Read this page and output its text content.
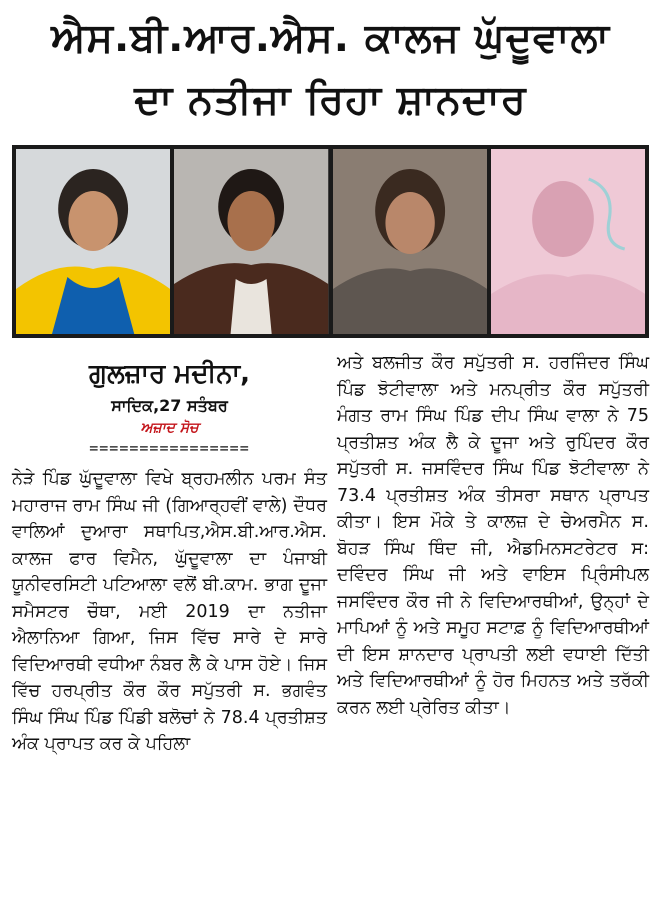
ਐਸ.ਬੀ.ਆਰ.ਐਸ. ਕਾਲਜ ਘੁੱਦੂਵਾਲਾ
ਦਾ ਨਤੀਜਾ ਰਿਹਾ ਸ਼ਾਨਦਾਰ
ਗੁਲਜ਼ਾਰ ਮਦੀਨਾ,
ਸਾਦਿਕ,27 ਸਤੰਬਰ
ਅਜ਼ਾਦ ਸੋਚ
================

ਨੇੜੇ ਪਿੰਡ ਘੁੱਦੂਵਾਲਾ ਵਿਖੇ ਬ੍ਰਹਮਲੀਨ ਪਰਮ ਸੰਤ ਮਹਾਰਾਜ ਰਾਮ ਸਿੰਘ ਜੀ (ਗਿਆਰ੍ਹਵੀਂ ਵਾਲੇ) ਦੌਧਰ ਵਾਲਿਆਂ ਦੁਆਰਾ ਸਥਾਪਿਤ,ਐਸ.ਬੀ.ਆਰ.ਐਸ. ਕਾਲਜ ਫਾਰ ਵਿਮੈਨ, ਘੁੱਦੂਵਾਲਾ ਦਾ ਪੰਜਾਬੀ ਯੂਨੀਵਰਸਿਟੀ ਪਟਿਆਲਾ ਵਲੋਂ ਬੀ.ਕਾਮ. ਭਾਗ ਦੂਜਾ ਸਮੈਸਟਰ ਚੌਥਾ, ਮਈ 2019 ਦਾ ਨਤੀਜਾ ਐਲਾਨਿਆ ਗਿਆ, ਜਿਸ ਵਿੱਚ ਸਾਰੇ ਦੇ ਸਾਰੇ ਵਿਦਿਆਰਥੀ ਵਧੀਆ ਨੰਬਰ ਲੈ ਕੇ ਪਾਸ ਹੋਏ। ਜਿਸ ਵਿੱਚ ਹਰਪ੍ਰੀਤ ਕੌਰ ਕੌਰ ਸਪੁੱਤਰੀ ਸ. ਭਗਵੰਤ ਸਿੰਘ ਸਿੰਘ ਪਿੰਡ ਪਿੰਡੀ ਬਲੋਚਾਂ ਨੇ 78.4 ਪ੍ਰਤੀਸ਼ਤ ਅੰਕ ਪ੍ਰਾਪਤ ਕਰ ਕੇ ਪਹਿਲਾ

ਅਤੇ ਬਲਜੀਤ ਕੌਰ ਸਪੁੱਤਰੀ ਸ. ਹਰਜਿੰਦਰ ਸਿੰਘ ਪਿੰਡ ਝੋਟੀਵਾਲਾ ਅਤੇ ਮਨਪ੍ਰੀਤ ਕੌਰ ਸਪੁੱਤਰੀ ਮੰਗਤ ਰਾਮ ਸਿੰਘ ਪਿੰਡ ਦੀਪ ਸਿੰਘ ਵਾਲਾ ਨੇ 75 ਪ੍ਰਤੀਸ਼ਤ ਅੰਕ ਲੈ ਕੇ ਦੂਜਾ ਅਤੇ ਰੁਪਿੰਦਰ ਕੌਰ ਸਪੁੱਤਰੀ ਸ. ਜਸਵਿੰਦਰ ਸਿੰਘ ਪਿੰਡ ਝੋਟੀਵਾਲਾ ਨੇ 73.4 ਪ੍ਰਤੀਸ਼ਤ ਅੰਕ ਤੀਸਰਾ ਸਥਾਨ ਪ੍ਰਾਪਤ ਕੀਤਾ। ਇਸ ਮੌਕੇ ਤੇ ਕਾਲਜ਼ ਦੇ ਚੇਅਰਮੈਨ ਸ. ਬੋਹੜ ਸਿੰਘ ਥਿੰਦ ਜੀ, ਐਡਮਿਨਸਟਰੇਟਰ ਸ: ਦਵਿੰਦਰ ਸਿੰਘ ਜੀ ਅਤੇ ਵਾਇਸ ਪ੍ਰਿੰਸੀਪਲ ਜਸਵਿੰਦਰ ਕੌਰ ਜੀ ਨੇ ਵਿਦਿਆਰਥੀਆਂ, ਉਨ੍ਹਾਂ ਦੇ ਮਾਪਿਆਂ ਨੂੰ ਅਤੇ ਸਮੂਹ ਸਟਾਫ਼ ਨੂੰ ਵਿਦਿਆਰਥੀਆਂ ਦੀ ਇਸ ਸ਼ਾਨਦਾਰ ਪ੍ਰਾਪਤੀ ਲਈ ਵਧਾਈ ਦਿੱਤੀ ਅਤੇ ਵਿਦਿਆਰਥੀਆਂ ਨੂੰ ਹੋਰ ਮਿਹਨਤ ਅਤੇ ਤਰੱਕੀ ਕਰਨ ਲਈ ਪ੍ਰੇਰਿਤ ਕੀਤਾ।
